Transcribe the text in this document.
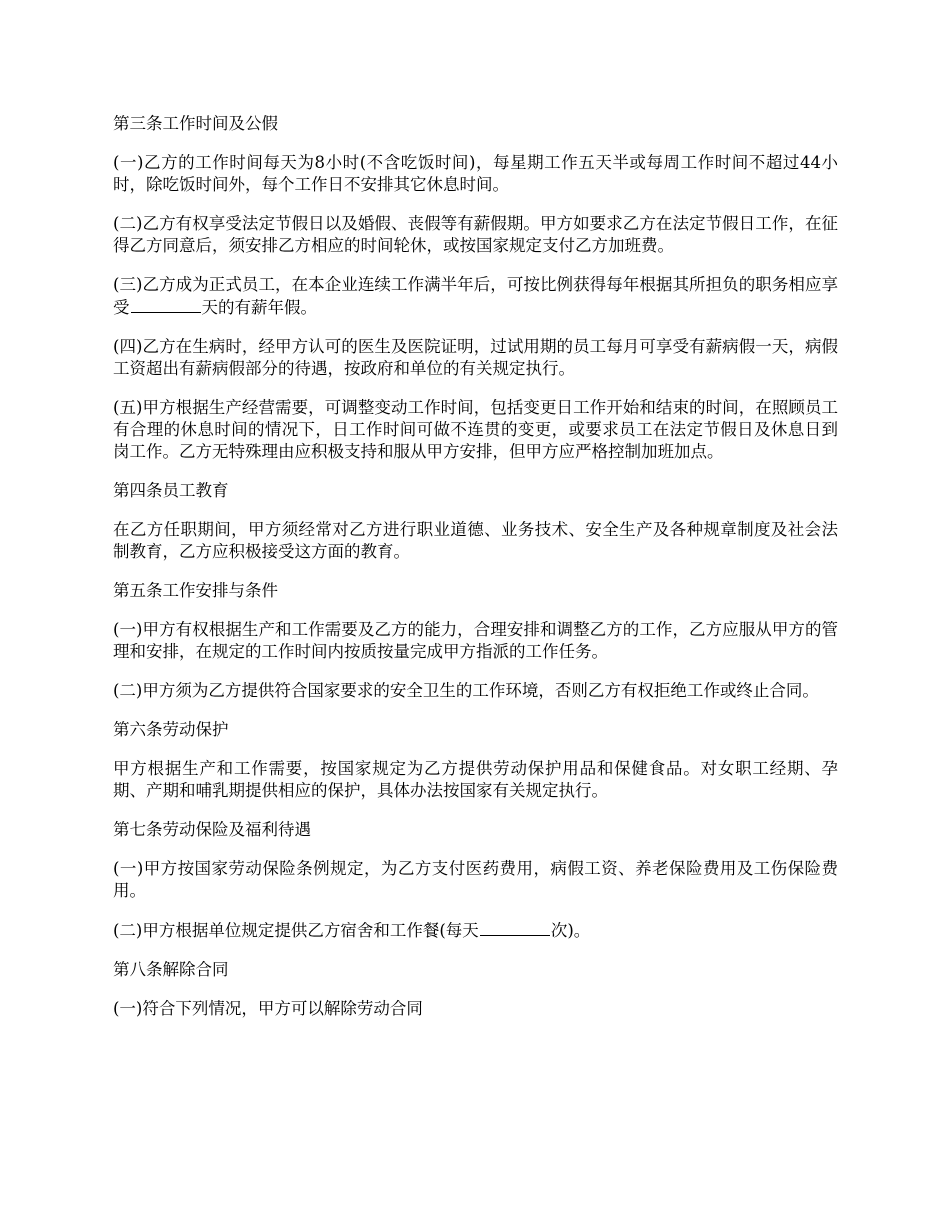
第三条工作时间及公假

(一)乙方的工作时间每天为8小时(不含吃饭时间)，每星期工作五天半或每周工作时间不超过44小时，除吃饭时间外，每个工作日不安排其它休息时间。

(二)乙方有权享受法定节假日以及婚假、丧假等有薪假期。甲方如要求乙方在法定节假日工作，在征得乙方同意后，须安排乙方相应的时间轮休，或按国家规定支付乙方加班费。

(三)乙方成为正式员工，在本企业连续工作满半年后，可按比例获得每年根据其所担负的职务相应享受	天的有薪年假。

(四)乙方在生病时，经甲方认可的医生及医院证明，过试用期的员工每月可享受有薪病假一天，病假工资超出有薪病假部分的待遇，按政府和单位的有关规定执行。

(五)甲方根据生产经营需要，可调整变动工作时间，包括变更日工作开始和结束的时间，在照顾员工有合理的休息时间的情况下，日工作时间可做不连贯的变更，或要求员工在法定节假日及休息日到岗工作。乙方无特殊理由应积极支持和服从甲方安排，但甲方应严格控制加班加点。

第四条员工教育

在乙方任职期间，甲方须经常对乙方进行职业道德、业务技术、安全生产及各种规章制度及社会法制教育，乙方应积极接受这方面的教育。

第五条工作安排与条件

(一)甲方有权根据生产和工作需要及乙方的能力，合理安排和调整乙方的工作，乙方应服从甲方的管理和安排，在规定的工作时间内按质按量完成甲方指派的工作任务。

(二)甲方须为乙方提供符合国家要求的安全卫生的工作环境，否则乙方有权拒绝工作或终止合同。

第六条劳动保护

甲方根据生产和工作需要，按国家规定为乙方提供劳动保护用品和保健食品。对女职工经期、孕期、产期和哺乳期提供相应的保护，具体办法按国家有关规定执行。

第七条劳动保险及福利待遇

(一)甲方按国家劳动保险条例规定，为乙方支付医药费用，病假工资、养老保险费用及工伤保险费用。

(二)甲方根据单位规定提供乙方宿舍和工作餐(每天	次)。

第八条解除合同

(一)符合下列情况，甲方可以解除劳动合同
